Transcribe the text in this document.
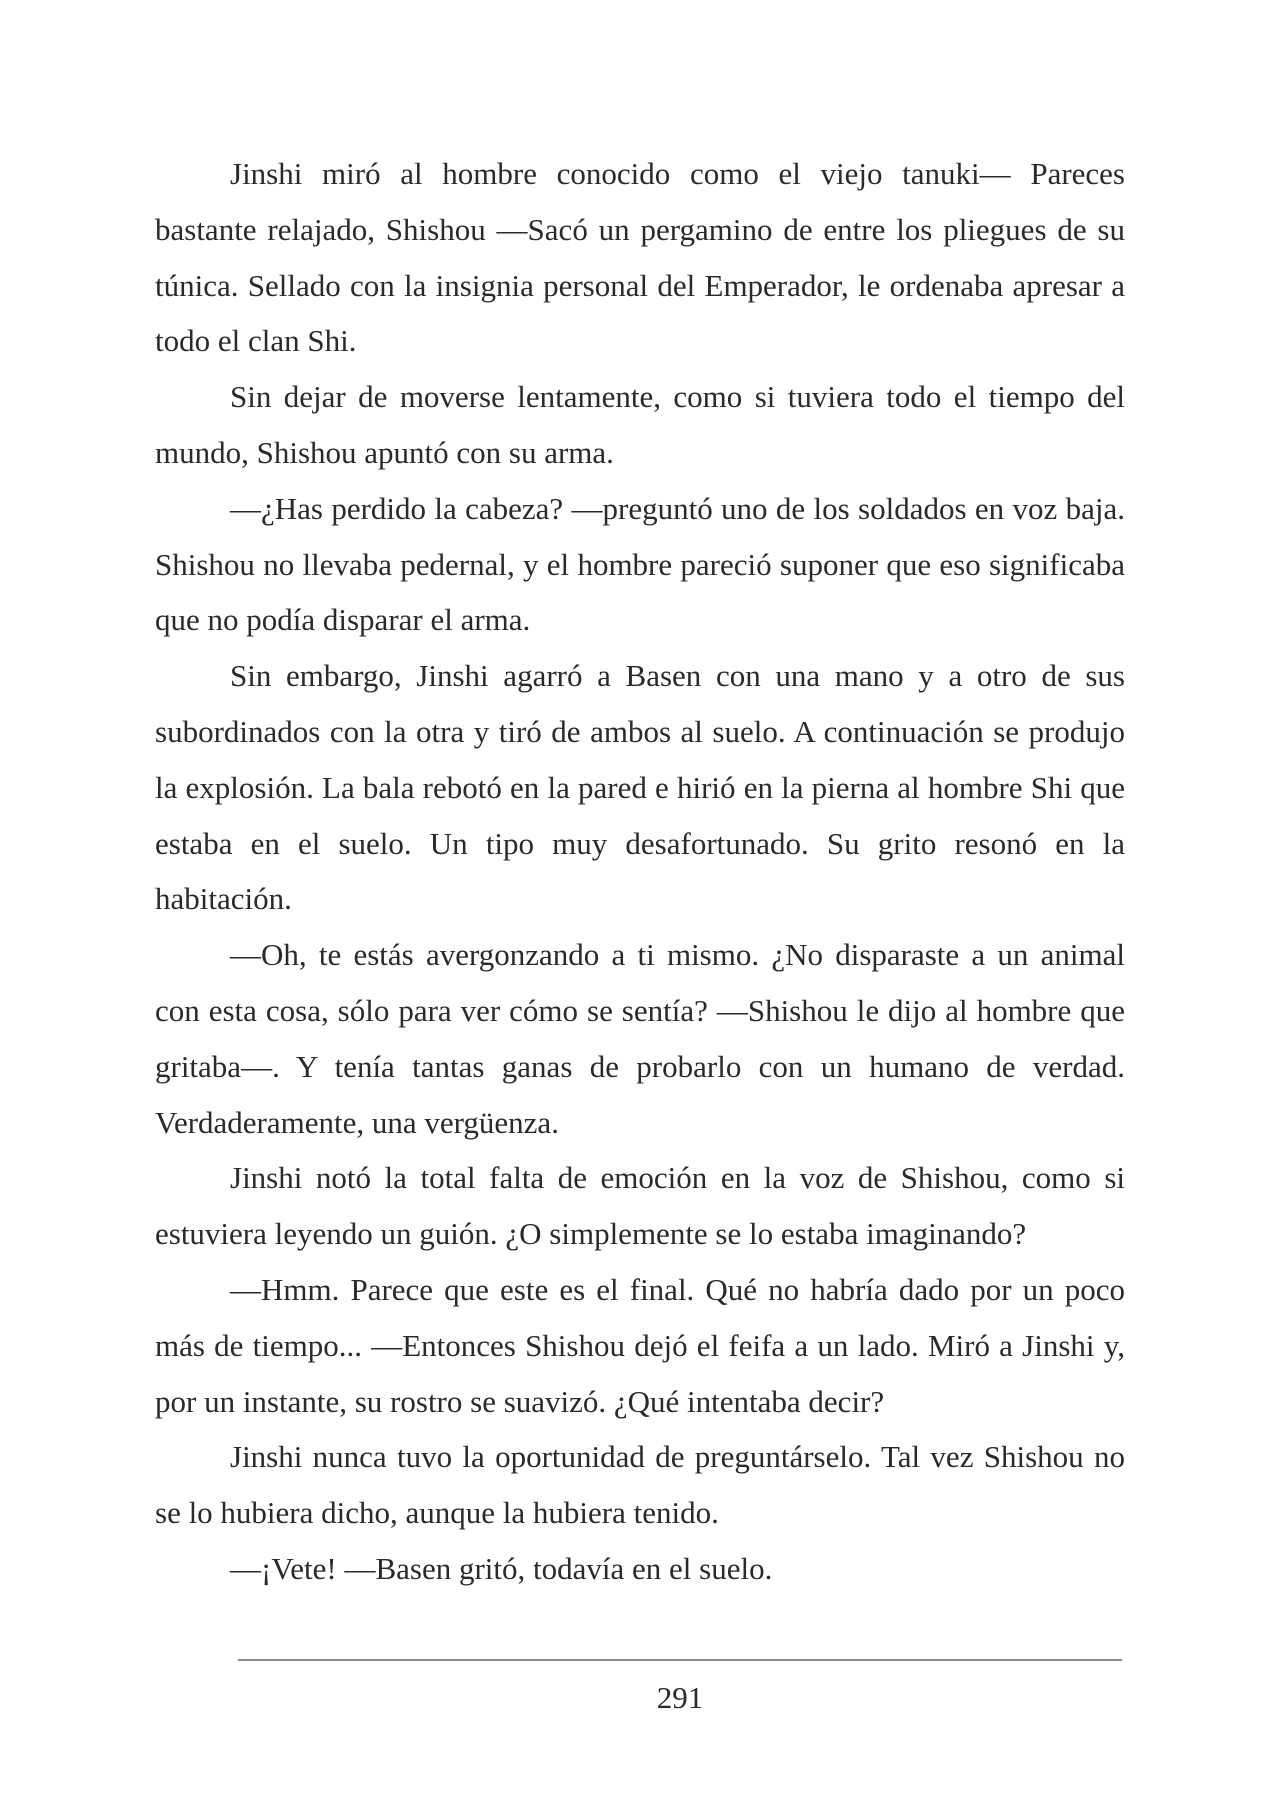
Jinshi miró al hombre conocido como el viejo tanuki— Pareces bastante relajado, Shishou —Sacó un pergamino de entre los pliegues de su túnica. Sellado con la insignia personal del Emperador, le ordenaba apresar a todo el clan Shi.

Sin dejar de moverse lentamente, como si tuviera todo el tiempo del mundo, Shishou apuntó con su arma.

—¿Has perdido la cabeza? —preguntó uno de los soldados en voz baja. Shishou no llevaba pedernal, y el hombre pareció suponer que eso significaba que no podía disparar el arma.

Sin embargo, Jinshi agarró a Basen con una mano y a otro de sus subordinados con la otra y tiró de ambos al suelo. A continuación se produjo la explosión. La bala rebotó en la pared e hirió en la pierna al hombre Shi que estaba en el suelo. Un tipo muy desafortunado. Su grito resonó en la habitación.

—Oh, te estás avergonzando a ti mismo. ¿No disparaste a un animal con esta cosa, sólo para ver cómo se sentía? —Shishou le dijo al hombre que gritaba—. Y tenía tantas ganas de probarlo con un humano de verdad. Verdaderamente, una vergüenza.

Jinshi notó la total falta de emoción en la voz de Shishou, como si estuviera leyendo un guión. ¿O simplemente se lo estaba imaginando?

—Hmm. Parece que este es el final. Qué no habría dado por un poco más de tiempo... —Entonces Shishou dejó el feifa a un lado. Miró a Jinshi y, por un instante, su rostro se suavizó. ¿Qué intentaba decir?

Jinshi nunca tuvo la oportunidad de preguntárselo. Tal vez Shishou no se lo hubiera dicho, aunque la hubiera tenido.

—¡Vete! —Basen gritó, todavía en el suelo.

291
